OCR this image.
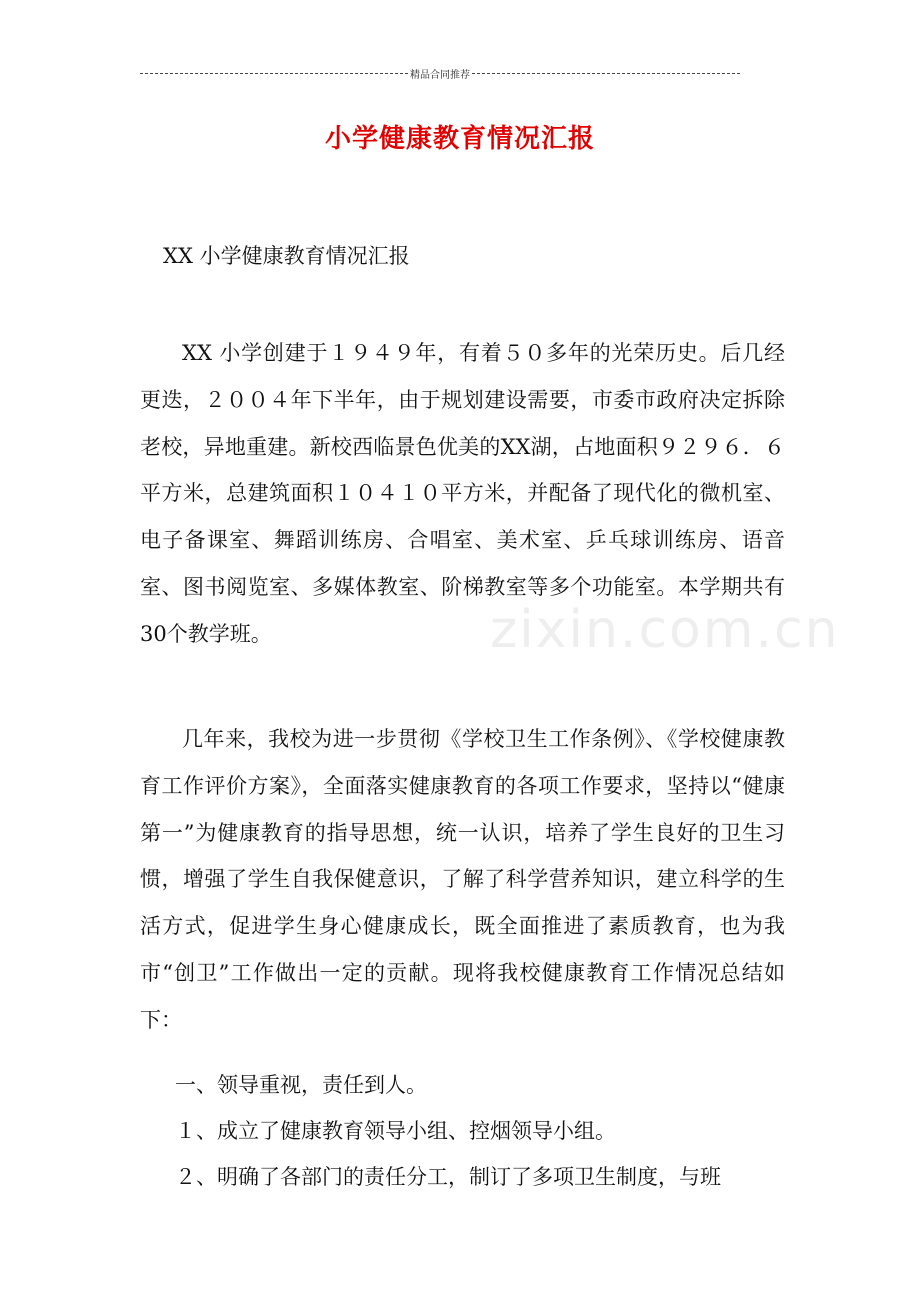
精品合同推荐
小学健康教育情况汇报
XX 小学健康教育情况汇报

XX 小学创建于１９４９年，有着５０多年的光荣历史。后几经更迭，２００４年下半年，由于规划建设需要，市委市政府决定拆除老校，异地重建。新校西临景色优美的XX湖，占地面积９２９６．６平方米，总建筑面积１０４１０平方米，并配备了现代化的微机室、电子备课室、舞蹈训练房、合唱室、美术室、乒乓球训练房、语音室、图书阅览室、多媒体教室、阶梯教室等多个功能室。本学期共有30个教学班。

几年来，我校为进一步贯彻《学校卫生工作条例》、《学校健康教育工作评价方案》，全面落实健康教育的各项工作要求，坚持以“健康第一”为健康教育的指导思想，统一认识，培养了学生良好的卫生习惯，增强了学生自我保健意识，了解了科学营养知识，建立科学的生活方式，促进学生身心健康成长，既全面推进了素质教育，也为我市“创卫”工作做出一定的贡献。现将我校健康教育工作情况总结如下：

一、领导重视，责任到人。
１、成立了健康教育领导小组、控烟领导小组。
２、明确了各部门的责任分工，制订了多项卫生制度，与班
zixin.com.cn
